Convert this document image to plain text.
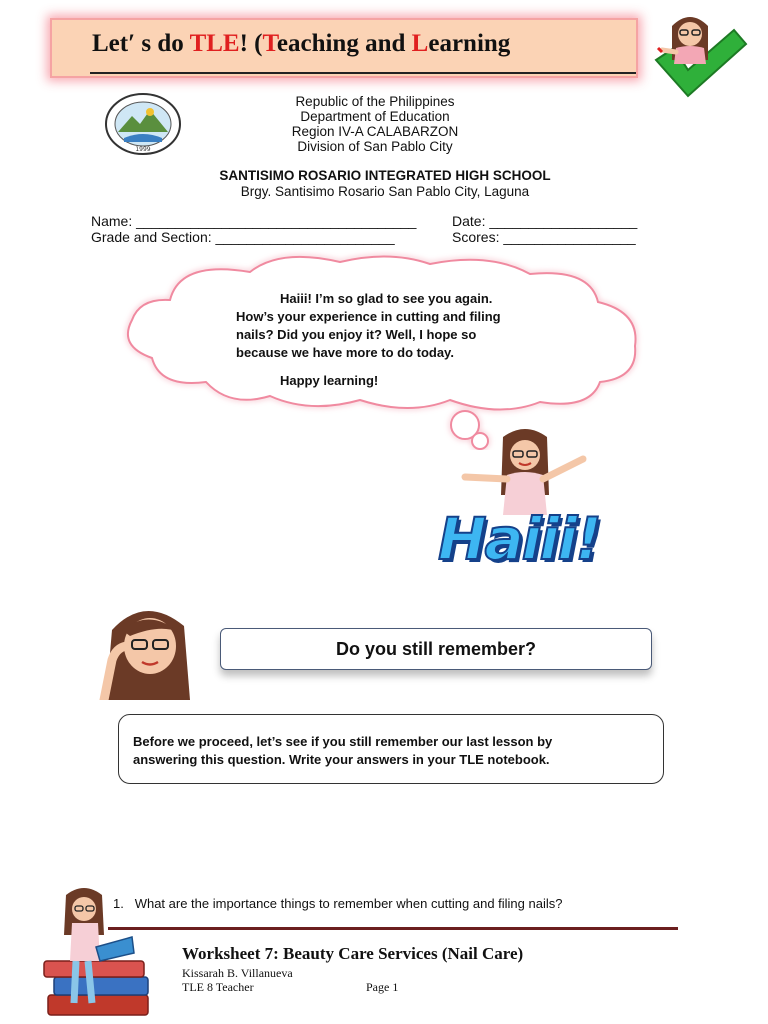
Let′ s do TLE! (Teaching and Learning
1999
Republic of the Philippines
Department of Education
Region IV-A CALABARZON
Division of San Pablo City
SANTISIMO ROSARIO INTEGRATED HIGH SCHOOL
Brgy. Santisimo Rosario San Pablo City, Laguna
Name: ____________________________________	Date: ___________________
Grade and Section: _______________________	Scores: _________________

Haiii! I’m so glad to see you again.

How’s your experience in cutting and filing

nails? Did you enjoy it? Well, I hope so

because we have more to do today.

Happy learning!

Haiii!
Do you still remember?
Before we proceed, let’s see if you still remember our last lesson by
answering this question. Write your answers in your TLE notebook.
1. What are the importance things to remember when cutting and filing nails?
Worksheet 7: Beauty Care Services (Nail Care)
Kissarah B. Villanueva
TLE 8 Teacher	Page 1
